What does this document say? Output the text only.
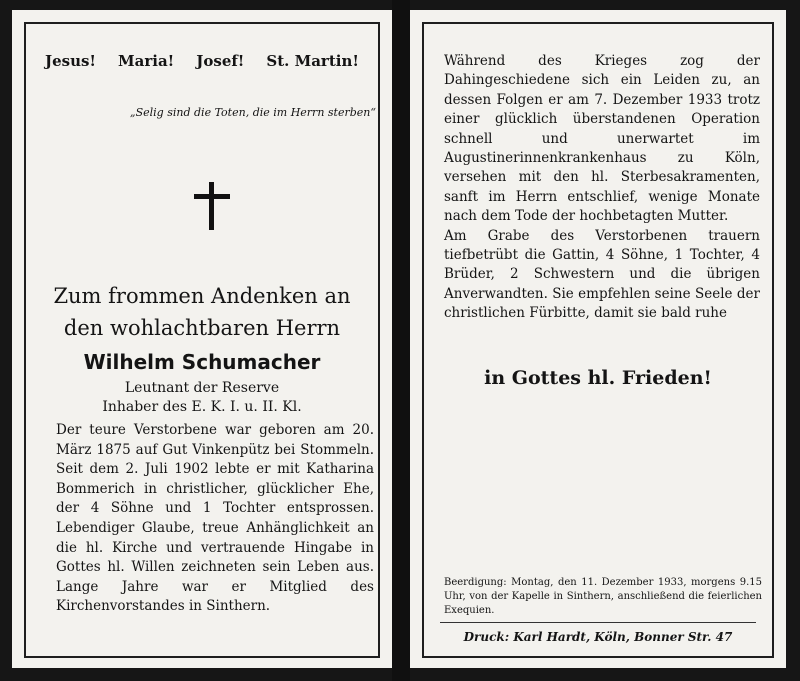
Jesus! Maria! Josef! St. Martin!
„Selig sind die Toten, die im Herrn sterben“
Zum frommen Andenken an
den wohlachtbaren Herrn
Wilhelm Schumacher
Leutnant der Reserve
Inhaber des E. K. I. u. II. Kl.
Der teure Verstorbene war geboren am 20. März 1875 auf Gut Vinkenpütz bei Stommeln. Seit dem 2. Juli 1902 lebte er mit Katharina Bommerich in christlicher, glücklicher Ehe, der 4 Söhne und 1 Tochter entsprossen. Lebendiger Glaube, treue Anhänglichkeit an die hl. Kirche und vertrauende Hingabe in Gottes hl. Willen zeichneten sein Leben aus. Lange Jahre war er Mitglied des Kirchenvorstandes in Sinthern.
Während des Krieges zog der Dahingeschiedene sich ein Leiden zu, an dessen Folgen er am 7. Dezember 1933 trotz einer glücklich überstandenen Operation schnell und unerwartet im Augustinerinnenkrankenhaus zu Köln, versehen mit den hl. Sterbesakramenten, sanft im Herrn entschlief, wenige Monate nach dem Tode der hochbetagten Mutter.
Am Grabe des Verstorbenen trauern tiefbetrübt die Gattin, 4 Söhne, 1 Tochter, 4 Brüder, 2 Schwestern und die übrigen Anverwandten. Sie empfehlen seine Seele der christlichen Fürbitte, damit sie bald ruhe
in Gottes hl. Frieden!
Beerdigung: Montag, den 11. Dezember 1933, morgens 9.15 Uhr, von der Kapelle in Sinthern, anschließend die feierlichen Exequien.
Druck: Karl Hardt, Köln, Bonner Str. 47
